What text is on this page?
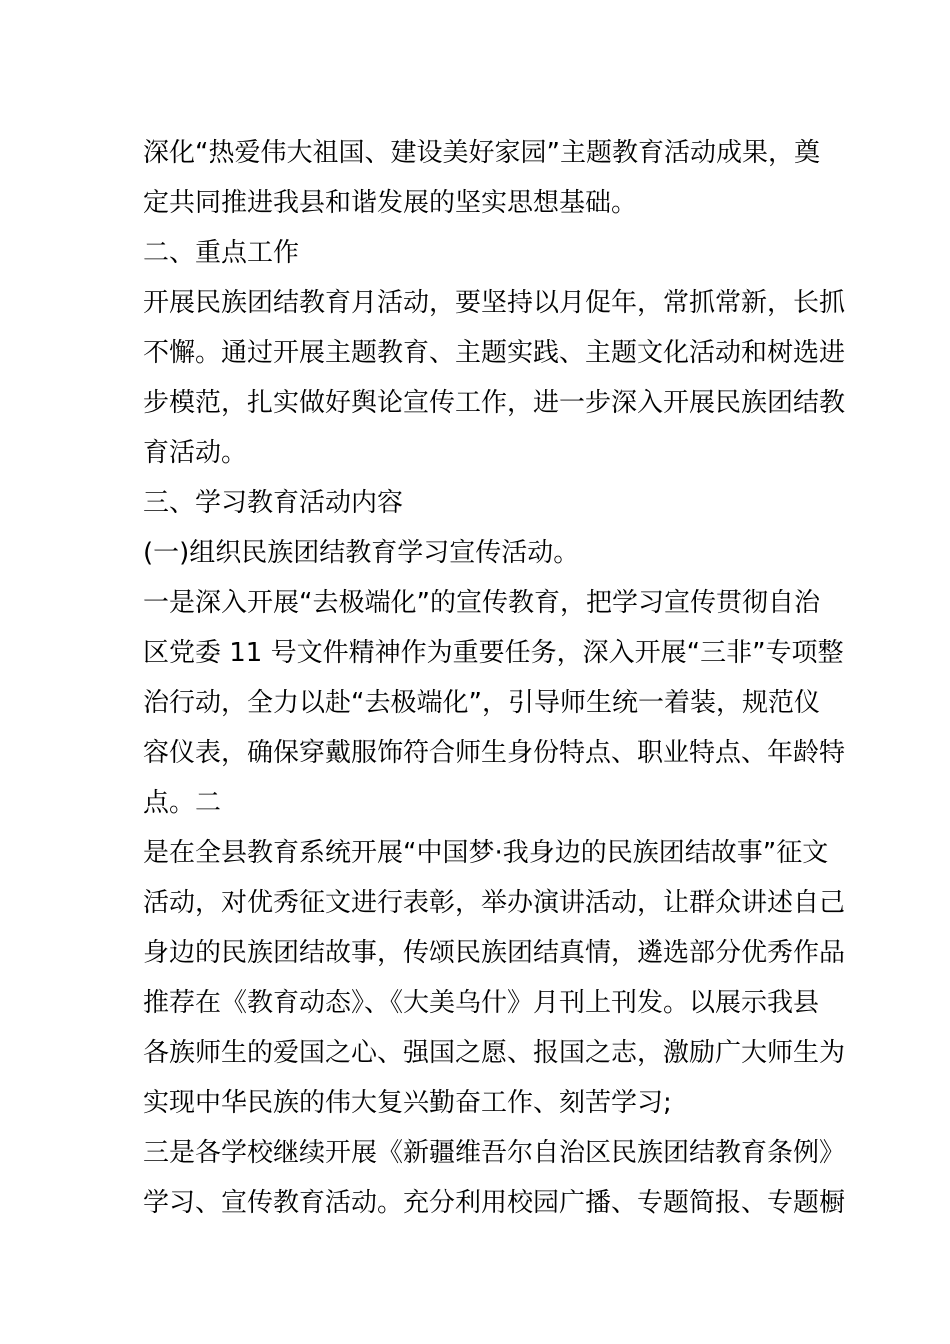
深化“热爱伟大祖国、建设美好家园”主题教育活动成果，奠
定共同推进我县和谐发展的坚实思想基础。
二、重点工作
开展民族团结教育月活动，要坚持以月促年，常抓常新，长抓
不懈。通过开展主题教育、主题实践、主题文化活动和树选进
步模范，扎实做好舆论宣传工作，进一步深入开展民族团结教
育活动。
三、学习教育活动内容
(一)组织民族团结教育学习宣传活动。
一是深入开展“去极端化”的宣传教育，把学习宣传贯彻自治
区党委 11 号文件精神作为重要任务，深入开展“三非”专项整
治行动，全力以赴“去极端化”，引导师生统一着装，规范仪
容仪表，确保穿戴服饰符合师生身份特点、职业特点、年龄特
点。二
是在全县教育系统开展“中国梦·我身边的民族团结故事”征文
活动，对优秀征文进行表彰，举办演讲活动，让群众讲述自己
身边的民族团结故事，传颂民族团结真情，遴选部分优秀作品
推荐在《教育动态》、《大美乌什》月刊上刊发。以展示我县
各族师生的爱国之心、强国之愿、报国之志，激励广大师生为
实现中华民族的伟大复兴勤奋工作、刻苦学习;
三是各学校继续开展《新疆维吾尔自治区民族团结教育条例》
学习、宣传教育活动。充分利用校园广播、专题简报、专题橱
